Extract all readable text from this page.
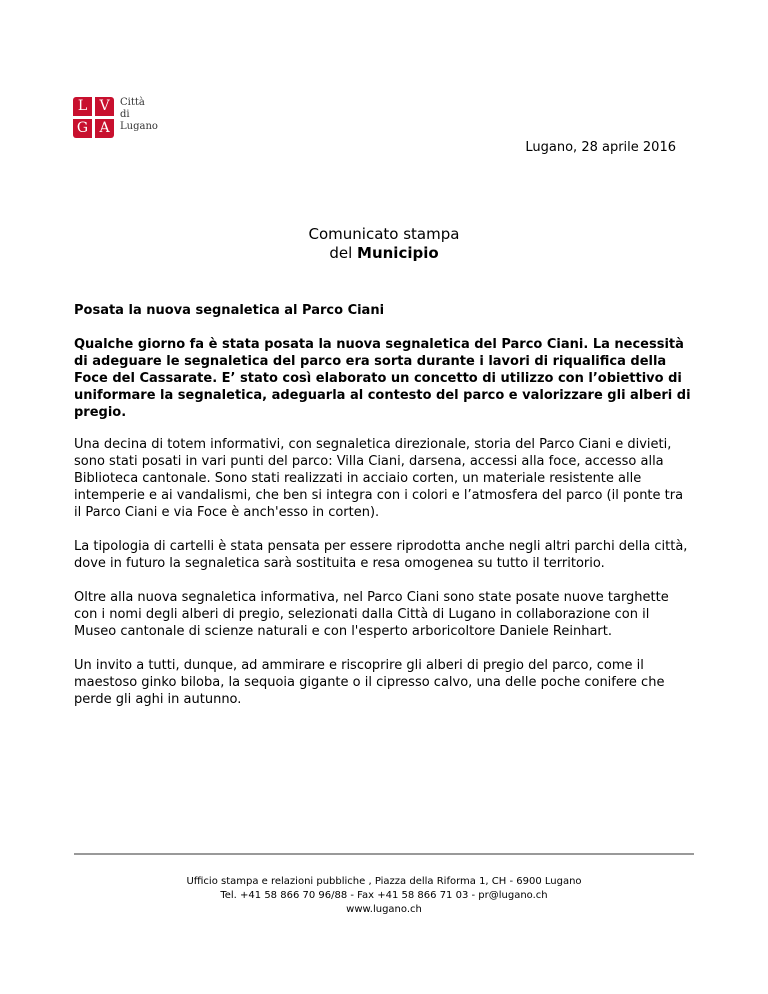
L V
G A
Città
di
Lugano
Lugano, 28 aprile 2016
Comunicato stampa
del Municipio

Posata la nuova segnaletica al Parco Ciani

Qualche giorno fa è stata posata la nuova segnaletica del Parco Ciani. La necessità di adeguare le segnaletica del parco era sorta durante i lavori di riqualifica della Foce del Cassarate. E’ stato così elaborato un concetto di utilizzo con l’obiettivo di uniformare la segnaletica, adeguarla al contesto del parco e valorizzare gli alberi di pregio.

Una decina di totem informativi, con segnaletica direzionale, storia del Parco Ciani e divieti, sono stati posati in vari punti del parco: Villa Ciani, darsena, accessi alla foce, accesso alla Biblioteca cantonale. Sono stati realizzati in acciaio corten, un materiale resistente alle intemperie e ai vandalismi, che ben si integra con i colori e l’atmosfera del parco (il ponte tra il Parco Ciani e via Foce è anch'esso in corten).

La tipologia di cartelli è stata pensata per essere riprodotta anche negli altri parchi della città, dove in futuro la segnaletica sarà sostituita e resa omogenea su tutto il territorio.

Oltre alla nuova segnaletica informativa, nel Parco Ciani sono state posate nuove targhette con i nomi degli alberi di pregio, selezionati dalla Città di Lugano in collaborazione con il Museo cantonale di scienze naturali e con l'esperto arboricoltore Daniele Reinhart.

Un invito a tutti, dunque, ad ammirare e riscoprire gli alberi di pregio del parco, come il maestoso ginko biloba, la sequoia gigante o il cipresso calvo, una delle poche conifere che perde gli aghi in autunno.

Ufficio stampa e relazioni pubbliche , Piazza della Riforma 1, CH - 6900 Lugano
Tel. +41 58 866 70 96/88 - Fax +41 58 866 71 03 - pr@lugano.ch
www.lugano.ch
